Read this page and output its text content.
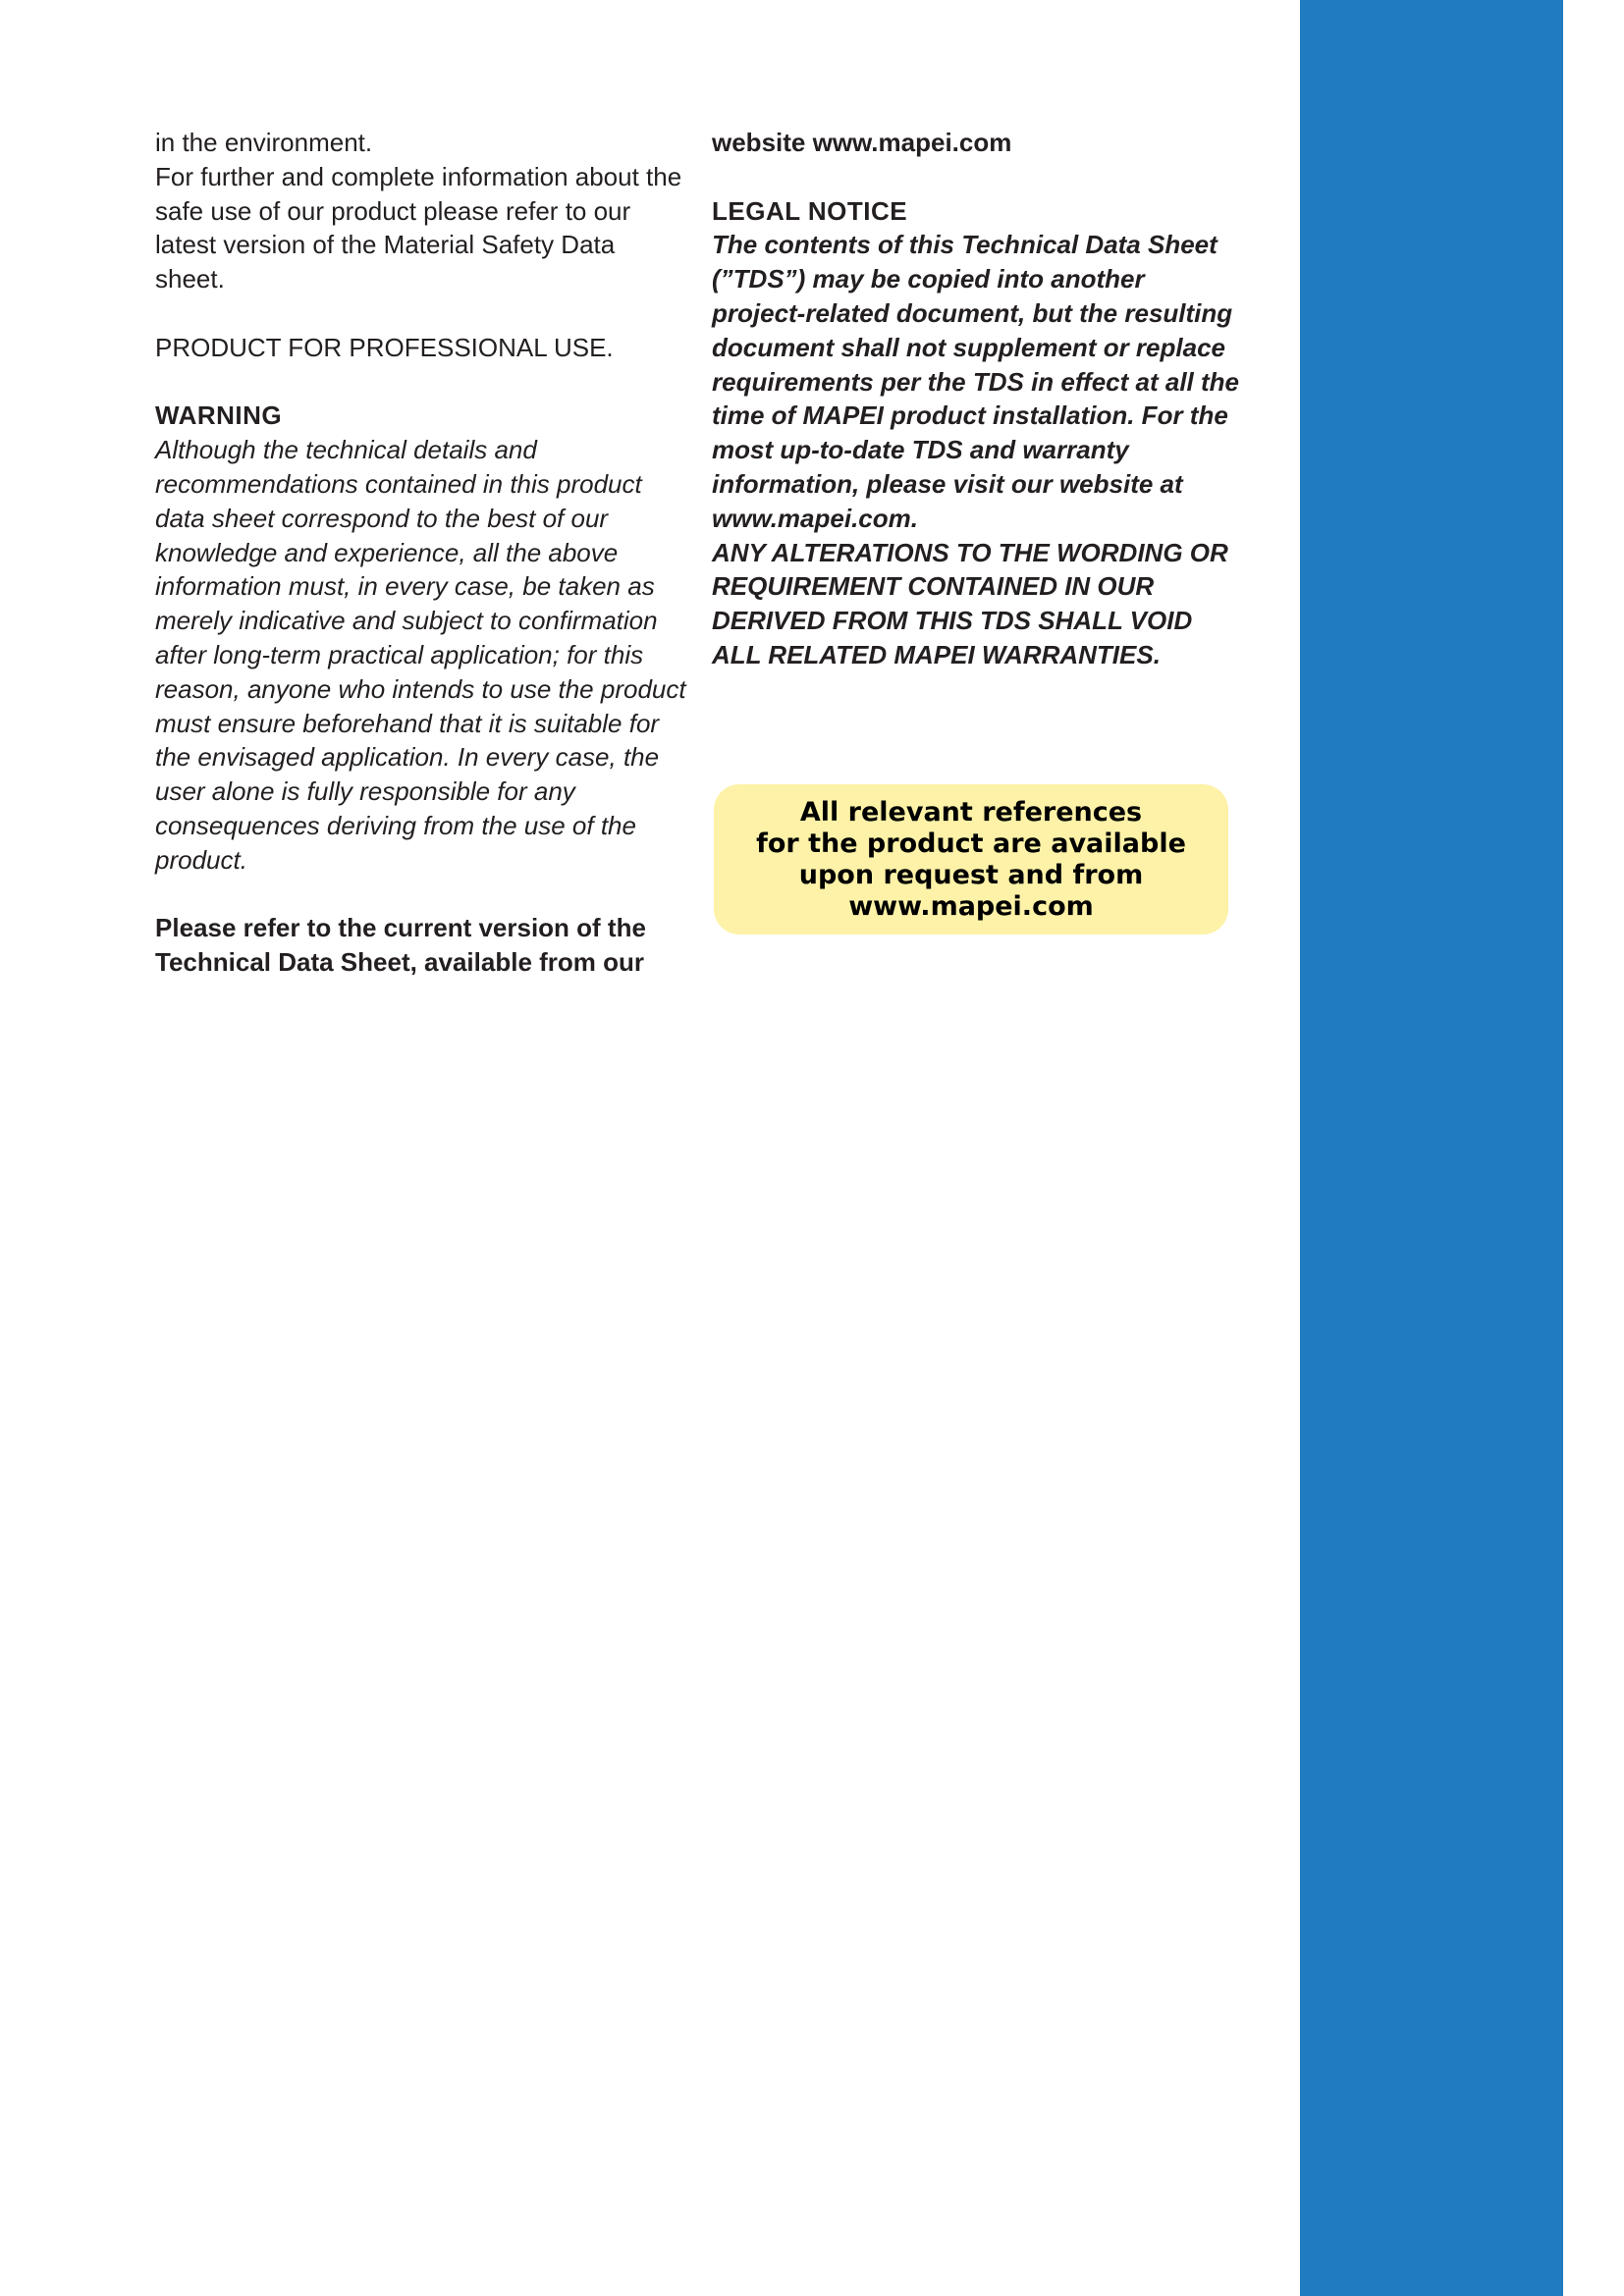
in the environment.

For further and complete information about the safe use of our product please refer to our latest version of the Material Safety Data sheet.

PRODUCT FOR PROFESSIONAL USE.

WARNING

Although the technical details and recommendations contained in this product data sheet correspond to the best of our knowledge and experience, all the above information must, in every case, be taken as merely indicative and subject to confirmation after long-term practical application; for this reason, anyone who intends to use the product must ensure beforehand that it is suitable for the envisaged application. In every case, the user alone is fully responsible for any consequences deriving from the use of the product.

Please refer to the current version of the Technical Data Sheet, available from our

website www.mapei.com

LEGAL NOTICE

The contents of this Technical Data Sheet (”TDS”) may be copied into another project-related document, but the resulting document shall not supplement or replace requirements per the TDS in effect at all the time of MAPEI product installation. For the most up-to-date TDS and warranty information, please visit our website at www.mapei.com.

ANY ALTERATIONS TO THE WORDING OR REQUIREMENT CONTAINED IN OUR DERIVED FROM THIS TDS SHALL VOID ALL RELATED MAPEI WARRANTIES.

All relevant references
for the product are available
upon request and from
www.mapei.com
